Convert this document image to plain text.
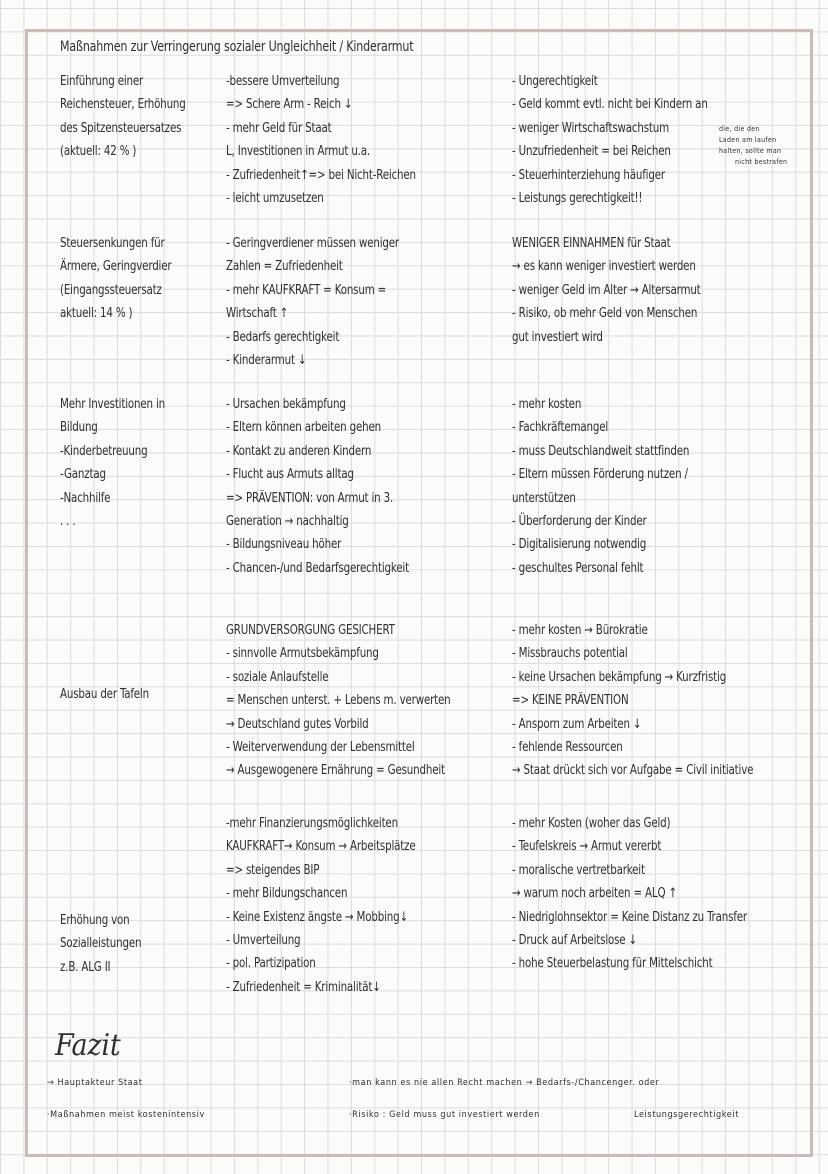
Maßnahmen zur Verringerung sozialer Ungleichheit / Kinderarmut
Einführung einer
Reichensteuer, Erhöhung
des Spitzensteuersatzes
(aktuell: 42 % )
-bessere Umverteilung
=> Schere Arm - Reich ↓
- mehr Geld für Staat
L, Investitionen in Armut u.a.
- Zufriedenheit↑=> bei Nicht-Reichen
- leicht umzusetzen
- Ungerechtigkeit
- Geld kommt evtl. nicht bei Kindern an
- weniger Wirtschaftswachstum
- Unzufriedenheit = bei Reichen
- Steuerhinterziehung häufiger
- Leistungs gerechtigkeit!!
Steuersenkungen für
Ärmere, Geringverdier
(Eingangssteuersatz
aktuell: 14 % )
- Geringverdiener müssen weniger
Zahlen = Zufriedenheit
- mehr KAUFKRAFT = Konsum =
Wirtschaft ↑
- Bedarfs gerechtigkeit
- Kinderarmut ↓
WENIGER EINNAHMEN für Staat
→ es kann weniger investiert werden
- weniger Geld im Alter → Altersarmut
- Risiko, ob mehr Geld von Menschen
gut investiert wird
Mehr Investitionen in
Bildung
-Kinderbetreuung
-Ganztag
-Nachhilfe
. . .
- Ursachen bekämpfung
- Eltern können arbeiten gehen
- Kontakt zu anderen Kindern
- Flucht aus Armuts alltag
=> PRÄVENTION: von Armut in 3.
Generation → nachhaltig
- Bildungsniveau höher
- Chancen-/und Bedarfsgerechtigkeit
- mehr kosten
- Fachkräftemangel
- muss Deutschlandweit stattfinden
- Eltern müssen Förderung nutzen /
unterstützen
- Überforderung der Kinder
- Digitalisierung notwendig
- geschultes Personal fehlt
Ausbau der Tafeln
GRUNDVERSORGUNG GESICHERT
- sinnvolle Armutsbekämpfung
- soziale Anlaufstelle
= Menschen unterst. + Lebens m. verwerten
→ Deutschland gutes Vorbild
- Weiterverwendung der Lebensmittel
→ Ausgewogenere Ernährung = Gesundheit
- mehr kosten → Bürokratie
- Missbrauchs potential
- keine Ursachen bekämpfung → Kurzfristig
=> KEINE PRÄVENTION
- Ansporn zum Arbeiten ↓
- fehlende Ressourcen
→ Staat drückt sich vor Aufgabe = Civil initiative
Erhöhung von
Sozialleistungen
z.B. ALG II
-mehr Finanzierungsmöglichkeiten
KAUFKRAFT→ Konsum → Arbeitsplätze
=> steigendes BIP
- mehr Bildungschancen
- Keine Existenz ängste → Mobbing↓
- Umverteilung
- pol. Partizipation
- Zufriedenheit = Kriminalität↓
- mehr Kosten (woher das Geld)
- Teufelskreis → Armut vererbt
- moralische vertretbarkeit
→ warum noch arbeiten = ALQ ↑
- Niedriglohnsektor = Keine Distanz zu Transfer
- Druck auf Arbeitslose ↓
- hohe Steuerbelastung für Mittelschicht
die, die den
Laden am laufen
halten, sollte man
nicht bestrafen
Fazit
→ Hauptakteur Staat
·Maßnahmen meist kostenintensiv
·man kann es nie allen Recht machen → Bedarfs-/Chancenger. oder
·Risiko : Geld muss gut investiert werden	Leistungsgerechtigkeit
